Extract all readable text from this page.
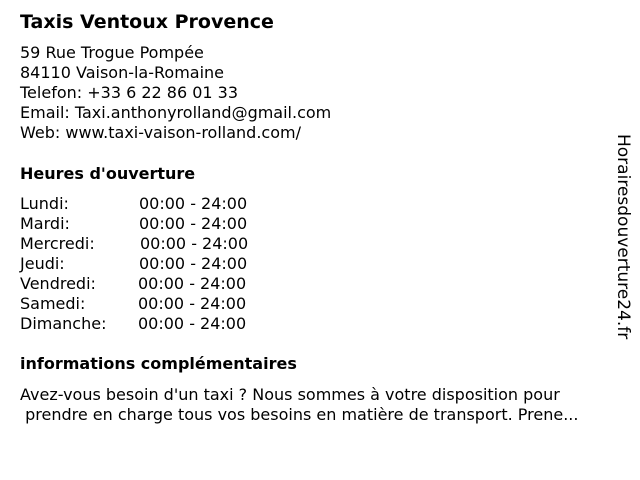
Taxis Ventoux Provence
59 Rue Trogue Pompée
84110 Vaison-la-Romaine
Telefon: +33 6 22 86 01 33
Email: Taxi.anthonyrolland@gmail.com
Web: www.taxi-vaison-rolland.com/
Heures d'ouverture
Lundi:	00:00 - 24:00
Mardi:	00:00 - 24:00
Mercredi:	00:00 - 24:00
Jeudi:	00:00 - 24:00
Vendredi:	00:00 - 24:00
Samedi:	00:00 - 24:00
Dimanche: 00:00 - 24:00
informations complémentaires
Avez-vous besoin d'un taxi ? Nous sommes à votre disposition pour
prendre en charge tous vos besoins en matière de transport. Prene...
Horairesdouverture24.fr
